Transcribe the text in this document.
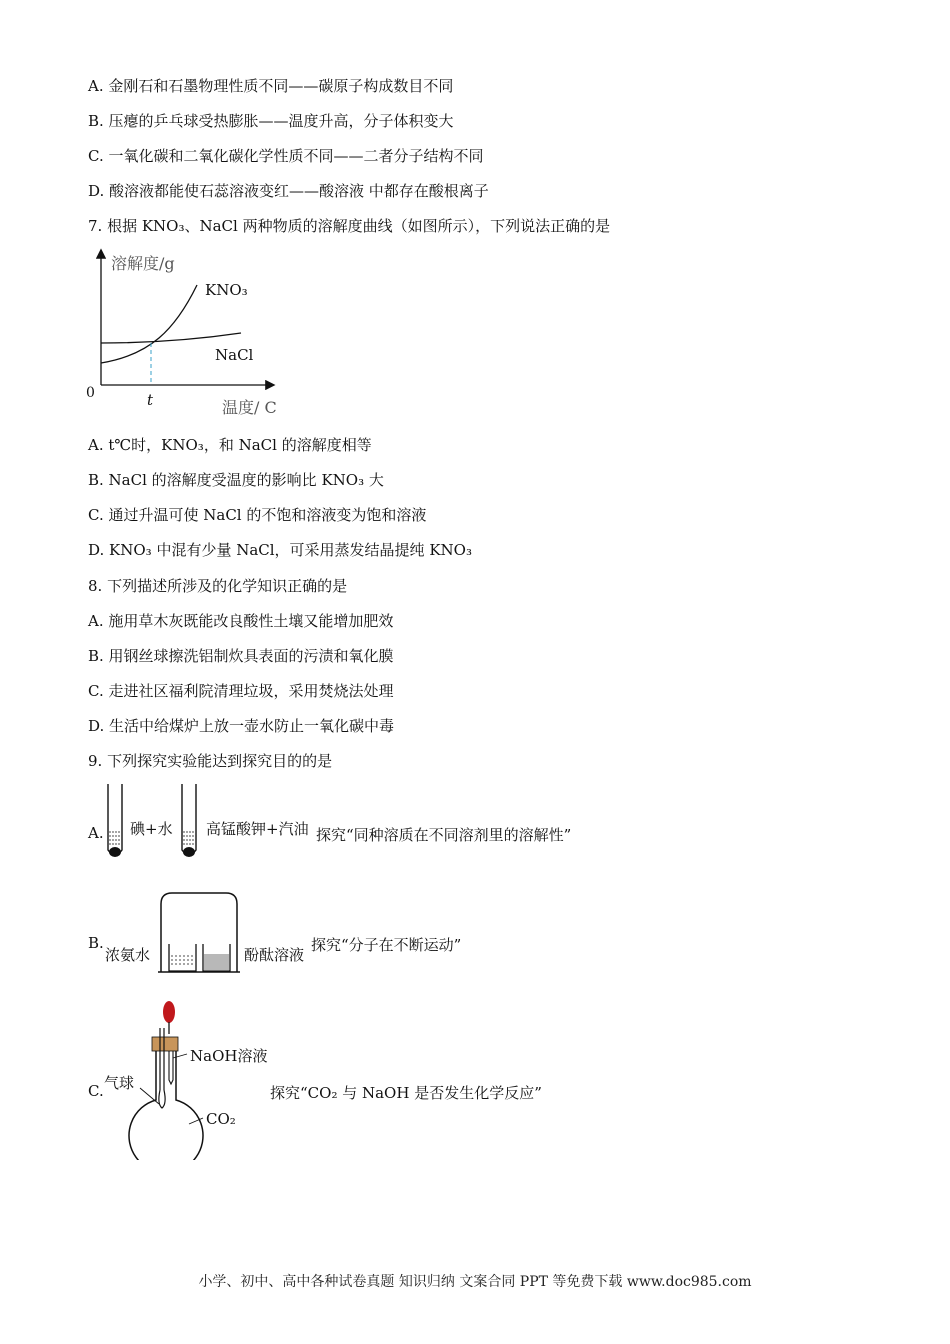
A. 金刚石和石墨物理性质不同——碳原子构成数目不同
B. 压瘪的乒乓球受热膨胀——温度升高，分子体积变大
C. 一氧化碳和二氧化碳化学性质不同——二者分子结构不同
D. 酸溶液都能使石蕊溶液变红——酸溶液 中都存在酸根离子
7. 根据 KNO₃、NaCl 两种物质的溶解度曲线（如图所示），下列说法正确的是
溶解度/g
KNO₃
NaCl
0	t	温度/ C
A. t℃时，KNO₃，和 NaCl 的溶解度相等
B. NaCl 的溶解度受温度的影响比 KNO₃ 大
C. 通过升温可使 NaCl 的不饱和溶液变为饱和溶液
D. KNO₃ 中混有少量 NaCl，可采用蒸发结晶提纯 KNO₃
8. 下列描述所涉及的化学知识正确的是
A. 施用草木灰既能改良酸性土壤又能增加肥效
B. 用钢丝球擦洗铝制炊具表面的污渍和氧化膜
C. 走进社区福利院清理垃圾，采用焚烧法处理
D. 生活中给煤炉上放一壶水防止一氧化碳中毒
9. 下列探究实验能达到探究目的的是
A. 碘+水 高锰酸钾+汽油 探究“同种溶质在不同溶剂里的溶解性”
B.
浓氨水	酚酞溶液
探究“分子在不断运动”
C.
NaOH溶液
气球
CO₂
探究“CO₂ 与 NaOH 是否发生化学反应”
小学、初中、高中各种试卷真题 知识归纳 文案合同 PPT 等免费下载 www.doc985.com
